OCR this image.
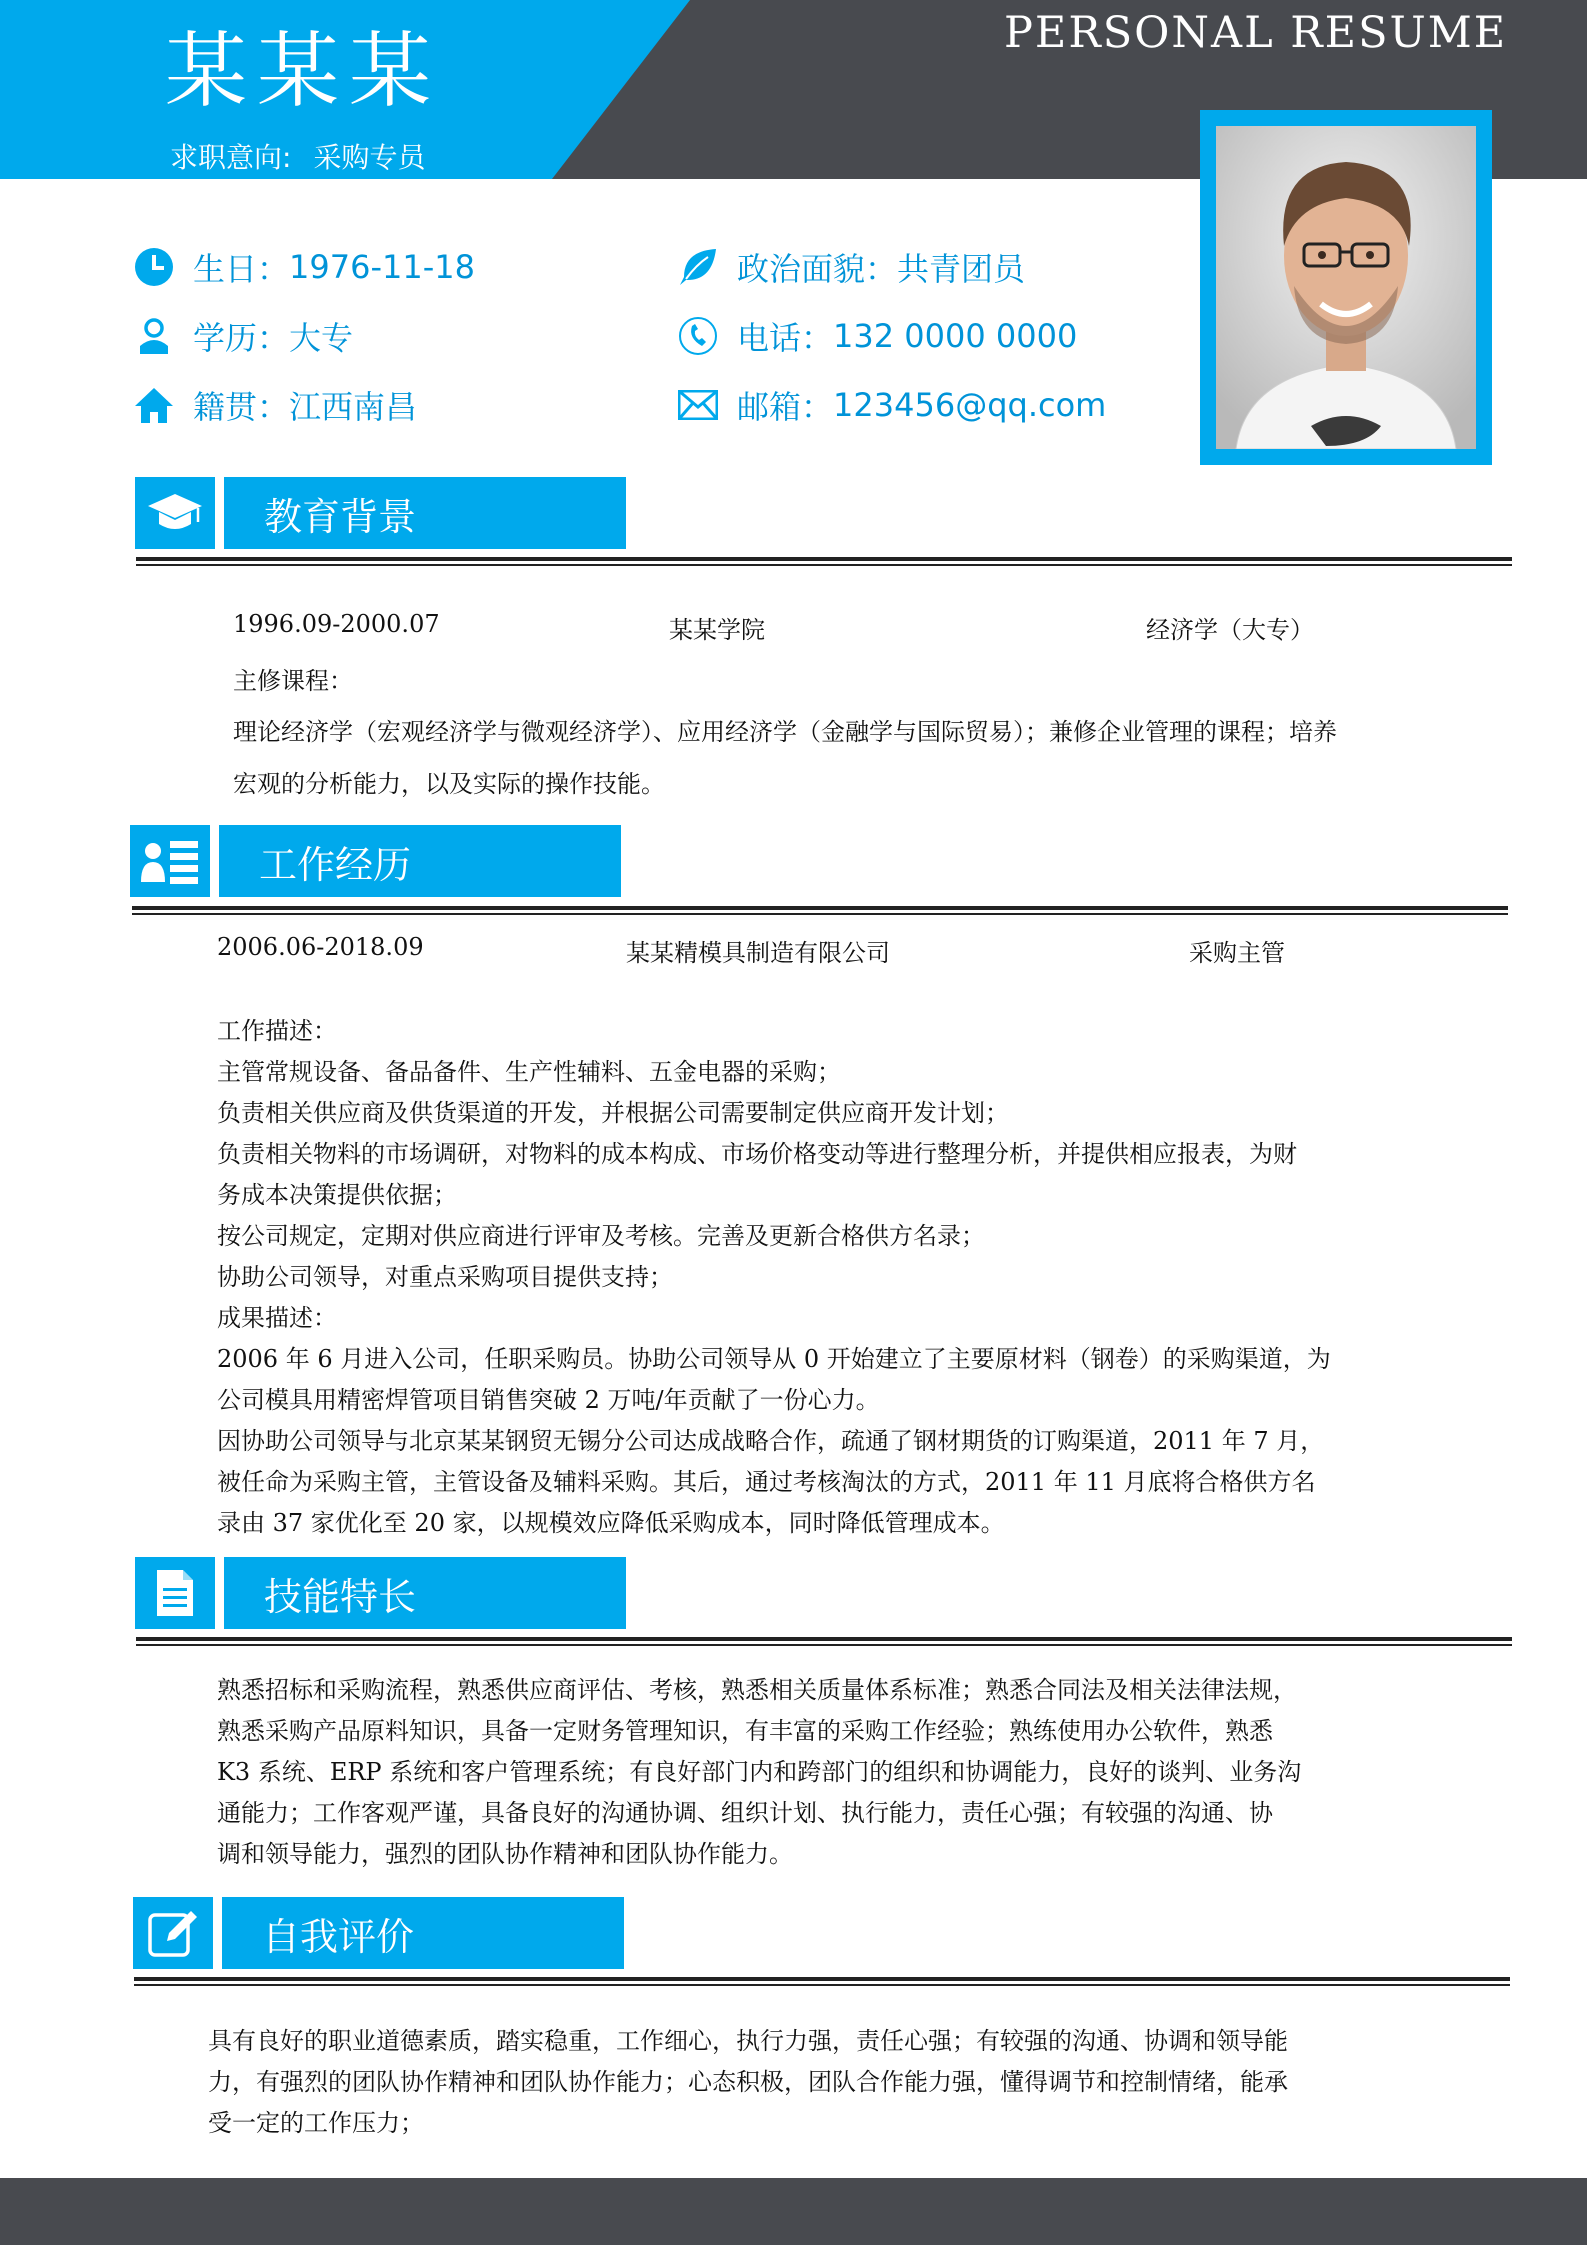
某某某
求职意向: 采购专员
PERSONAL RESUME
生日 ：	1976-11-18
学历 ：	大专
籍贯 ：	江西南昌
政治面貌 ：	共青团员
电话 ：	132 0000 0000
邮箱 ：	123456@qq.com
教育背景
1996.09-2000.07	某某学院	经济学（大专）
主修课程：

理论经济学（宏观经济学与微观经济学）、应用经济学（金融学与国际贸易）；兼修企业管理的课程；培养

宏观的分析能力，以及实际的操作技能。

工作经历
2006.06-2018.09	某某精模具制造有限公司	采购主管

工作描述：

主管常规设备、备品备件、生产性辅料、五金电器的采购；

负责相关供应商及供货渠道的开发，并根据公司需要制定供应商开发计划；

负责相关物料的市场调研，对物料的成本构成、市场价格变动等进行整理分析，并提供相应报表，为财

务成本决策提供依据；

按公司规定，定期对供应商进行评审及考核。完善及更新合格供方名录；

协助公司领导，对重点采购项目提供支持；

成果描述：

2006 年 6 月进入公司，任职采购员。协助公司领导从 0 开始建立了主要原材料（钢卷）的采购渠道，为

公司模具用精密焊管项目销售突破 2 万吨/年贡献了一份心力。

因协助公司领导与北京某某钢贸无锡分公司达成战略合作，疏通了钢材期货的订购渠道，2011 年 7 月，

被任命为采购主管，主管设备及辅料采购。其后，通过考核淘汰的方式，2011 年 11 月底将合格供方名

录由 37 家优化至 20 家，以规模效应降低采购成本，同时降低管理成本。

技能特长

熟悉招标和采购流程，熟悉供应商评估、考核，熟悉相关质量体系标准；熟悉合同法及相关法律法规，

熟悉采购产品原料知识，具备一定财务管理知识，有丰富的采购工作经验；熟练使用办公软件，熟悉

K3 系统、ERP 系统和客户管理系统；有良好部门内和跨部门的组织和协调能力，良好的谈判、业务沟

通能力；工作客观严谨，具备良好的沟通协调、组织计划、执行能力，责任心强；有较强的沟通、协

调和领导能力，强烈的团队协作精神和团队协作能力。

自我评价

具有良好的职业道德素质，踏实稳重，工作细心，执行力强，责任心强；有较强的沟通、协调和领导能

力，有强烈的团队协作精神和团队协作能力；心态积极，团队合作能力强，懂得调节和控制情绪，能承

受一定的工作压力；
